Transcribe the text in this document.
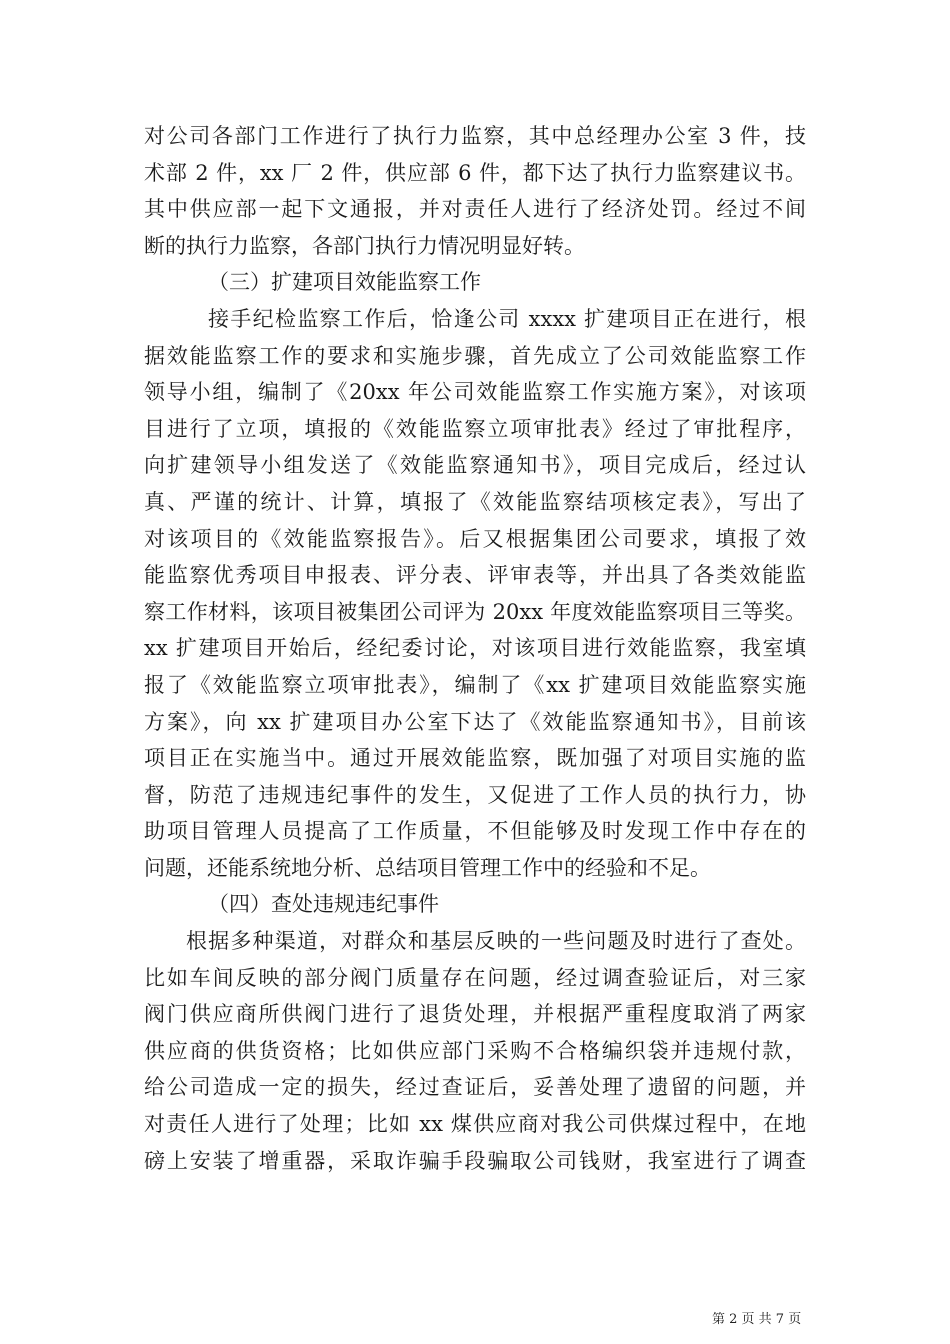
对公司各部门工作进行了执行力监察，其中总经理办公室 3 件，技
术部 2 件，xx 厂 2 件，供应部 6 件，都下达了执行力监察建议书。
其中供应部一起下文通报，并对责任人进行了经济处罚。经过不间
断的执行力监察，各部门执行力情况明显好转。
（三）扩建项目效能监察工作
接手纪检监察工作后，恰逢公司 xxxx 扩建项目正在进行，根
据效能监察工作的要求和实施步骤，首先成立了公司效能监察工作
领导小组，编制了《20xx 年公司效能监察工作实施方案》，对该项
目进行了立项，填报的《效能监察立项审批表》经过了审批程序，
向扩建领导小组发送了《效能监察通知书》，项目完成后，经过认
真、严谨的统计、计算，填报了《效能监察结项核定表》，写出了
对该项目的《效能监察报告》。后又根据集团公司要求，填报了效
能监察优秀项目申报表、评分表、评审表等，并出具了各类效能监
察工作材料，该项目被集团公司评为 20xx 年度效能监察项目三等奖。
xx 扩建项目开始后，经纪委讨论，对该项目进行效能监察，我室填
报了《效能监察立项审批表》，编制了《xx 扩建项目效能监察实施
方案》，向 xx 扩建项目办公室下达了《效能监察通知书》，目前该
项目正在实施当中。通过开展效能监察，既加强了对项目实施的监
督，防范了违规违纪事件的发生，又促进了工作人员的执行力，协
助项目管理人员提高了工作质量，不但能够及时发现工作中存在的
问题，还能系统地分析、总结项目管理工作中的经验和不足。
（四）查处违规违纪事件
根据多种渠道，对群众和基层反映的一些问题及时进行了查处。
比如车间反映的部分阀门质量存在问题，经过调查验证后，对三家
阀门供应商所供阀门进行了退货处理，并根据严重程度取消了两家
供应商的供货资格；比如供应部门采购不合格编织袋并违规付款，
给公司造成一定的损失，经过查证后，妥善处理了遗留的问题，并
对责任人进行了处理；比如 xx 煤供应商对我公司供煤过程中，在地
磅上安装了增重器，采取诈骗手段骗取公司钱财，我室进行了调查
第 2 页 共 7 页
